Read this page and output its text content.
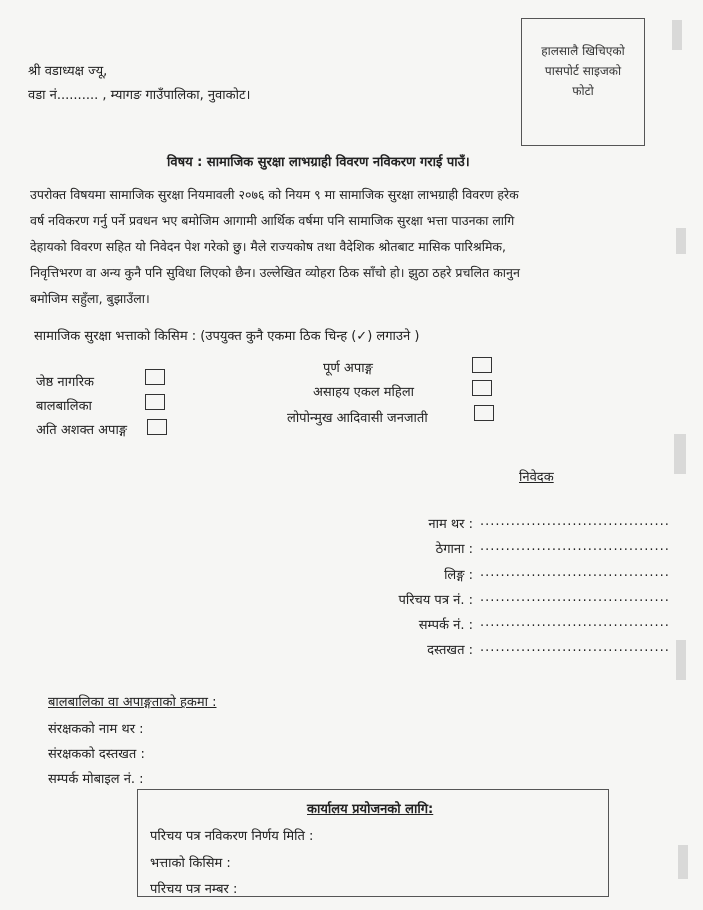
श्री वडाध्यक्ष ज्यू,
वडा नं.......... , म्यागङ गाउँपालिका, नुवाकोट।
हालसालै खिचिएको
पासपोर्ट साइजको
फोटो
विषय : सामाजिक सुरक्षा लाभग्राही विवरण नविकरण गराई पाउँ।
उपरोक्त विषयमा सामाजिक सुरक्षा नियमावली २०७६ को नियम ९ मा सामाजिक सुरक्षा लाभग्राही विवरण हरेक
वर्ष नविकरण गर्नु पर्ने प्रवधन भए बमोजिम आगामी आर्थिक वर्षमा पनि सामाजिक सुरक्षा भत्ता पाउनका लागि
देहायको विवरण सहित यो निवेदन पेश गरेको छु। मैले राज्यकोष तथा वैदेशिक श्रोतबाट मासिक पारिश्रमिक,
निवृत्तिभरण वा अन्य कुनै पनि सुविधा लिएको छैन। उल्लेखित व्योहरा ठिक साँचो हो। झुठा ठहरे प्रचलित कानुन
बमोजिम सहुँला, बुझाउँला।
सामाजिक सुरक्षा भत्ताको किसिम : (उपयुक्त कुनै एकमा ठिक चिन्ह (✓) लगाउने )
जेष्ठ नागरिक
बालबालिका
अति अशक्त अपाङ्ग
पूर्ण अपाङ्ग
असाहय एकल महिला
लोपोन्मुख आदिवासी जनजाती
निवेदक
नाम थर : .....................................
ठेगाना : .....................................
लिङ्ग : .....................................
परिचय पत्र नं. : .....................................
सम्पर्क नं. : .....................................
दस्तखत : .....................................
बालबालिका वा अपाङ्गताको हकमा :
संरक्षकको नाम थर :
संरक्षकको दस्तखत :
सम्पर्क मोबाइल नं. :
कार्यालय प्रयोजनको लागि:
परिचय पत्र नविकरण निर्णय मिति :
भत्ताको किसिम :
परिचय पत्र नम्बर :
